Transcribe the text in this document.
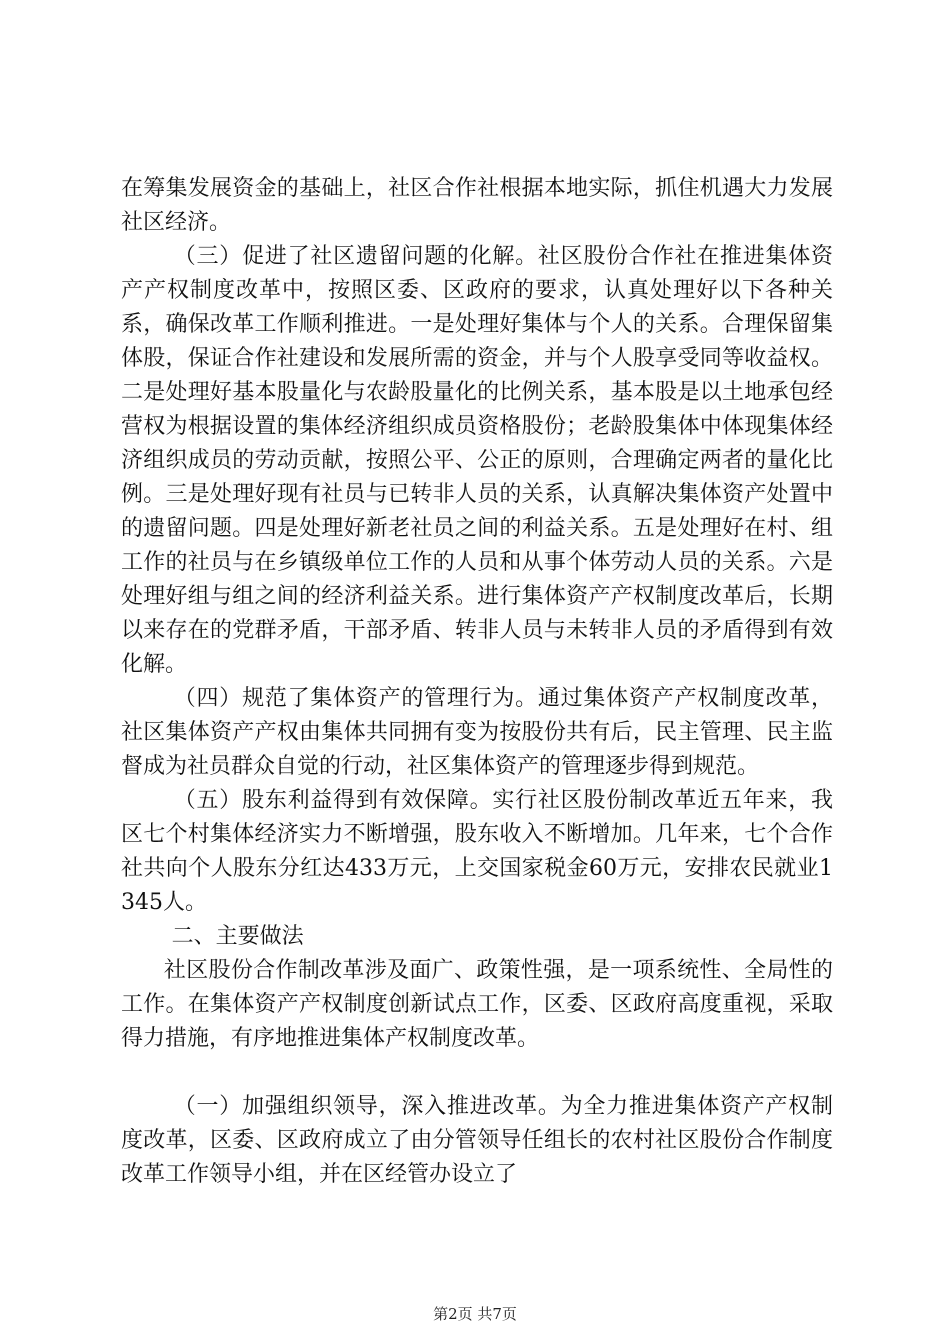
在筹集发展资金的基础上，社区合作社根据本地实际，抓住机遇大力发展社区经济。

（三）促进了社区遗留问题的化解。社区股份合作社在推进集体资产产权制度改革中，按照区委、区政府的要求，认真处理好以下各种关系，确保改革工作顺利推进。一是处理好集体与个人的关系。合理保留集体股，保证合作社建设和发展所需的资金，并与个人股享受同等收益权。二是处理好基本股量化与农龄股量化的比例关系，基本股是以土地承包经营权为根据设置的集体经济组织成员资格股份；老龄股集体中体现集体经济组织成员的劳动贡献，按照公平、公正的原则，合理确定两者的量化比例。三是处理好现有社员与已转非人员的关系，认真解决集体资产处置中的遗留问题。四是处理好新老社员之间的利益关系。五是处理好在村、组工作的社员与在乡镇级单位工作的人员和从事个体劳动人员的关系。六是处理好组与组之间的经济利益关系。进行集体资产产权制度改革后，长期以来存在的党群矛盾，干部矛盾、转非人员与未转非人员的矛盾得到有效化解。

（四）规范了集体资产的管理行为。通过集体资产产权制度改革，社区集体资产产权由集体共同拥有变为按股份共有后，民主管理、民主监督成为社员群众自觉的行动，社区集体资产的管理逐步得到规范。

（五）股东利益得到有效保障。实行社区股份制改革近五年来，我区七个村集体经济实力不断增强，股东收入不断增加。几年来，七个合作社共向个人股东分红达433万元，上交国家税金60万元，安排农民就业1345人。

二、主要做法

社区股份合作制改革涉及面广、政策性强，是一项系统性、全局性的工作。在集体资产产权制度创新试点工作，区委、区政府高度重视，采取得力措施，有序地推进集体产权制度改革。

（一）加强组织领导，深入推进改革。为全力推进集体资产产权制度改革，区委、区政府成立了由分管领导任组长的农村社区股份合作制度改革工作领导小组，并在区经管办设立了

第2页 共7页
